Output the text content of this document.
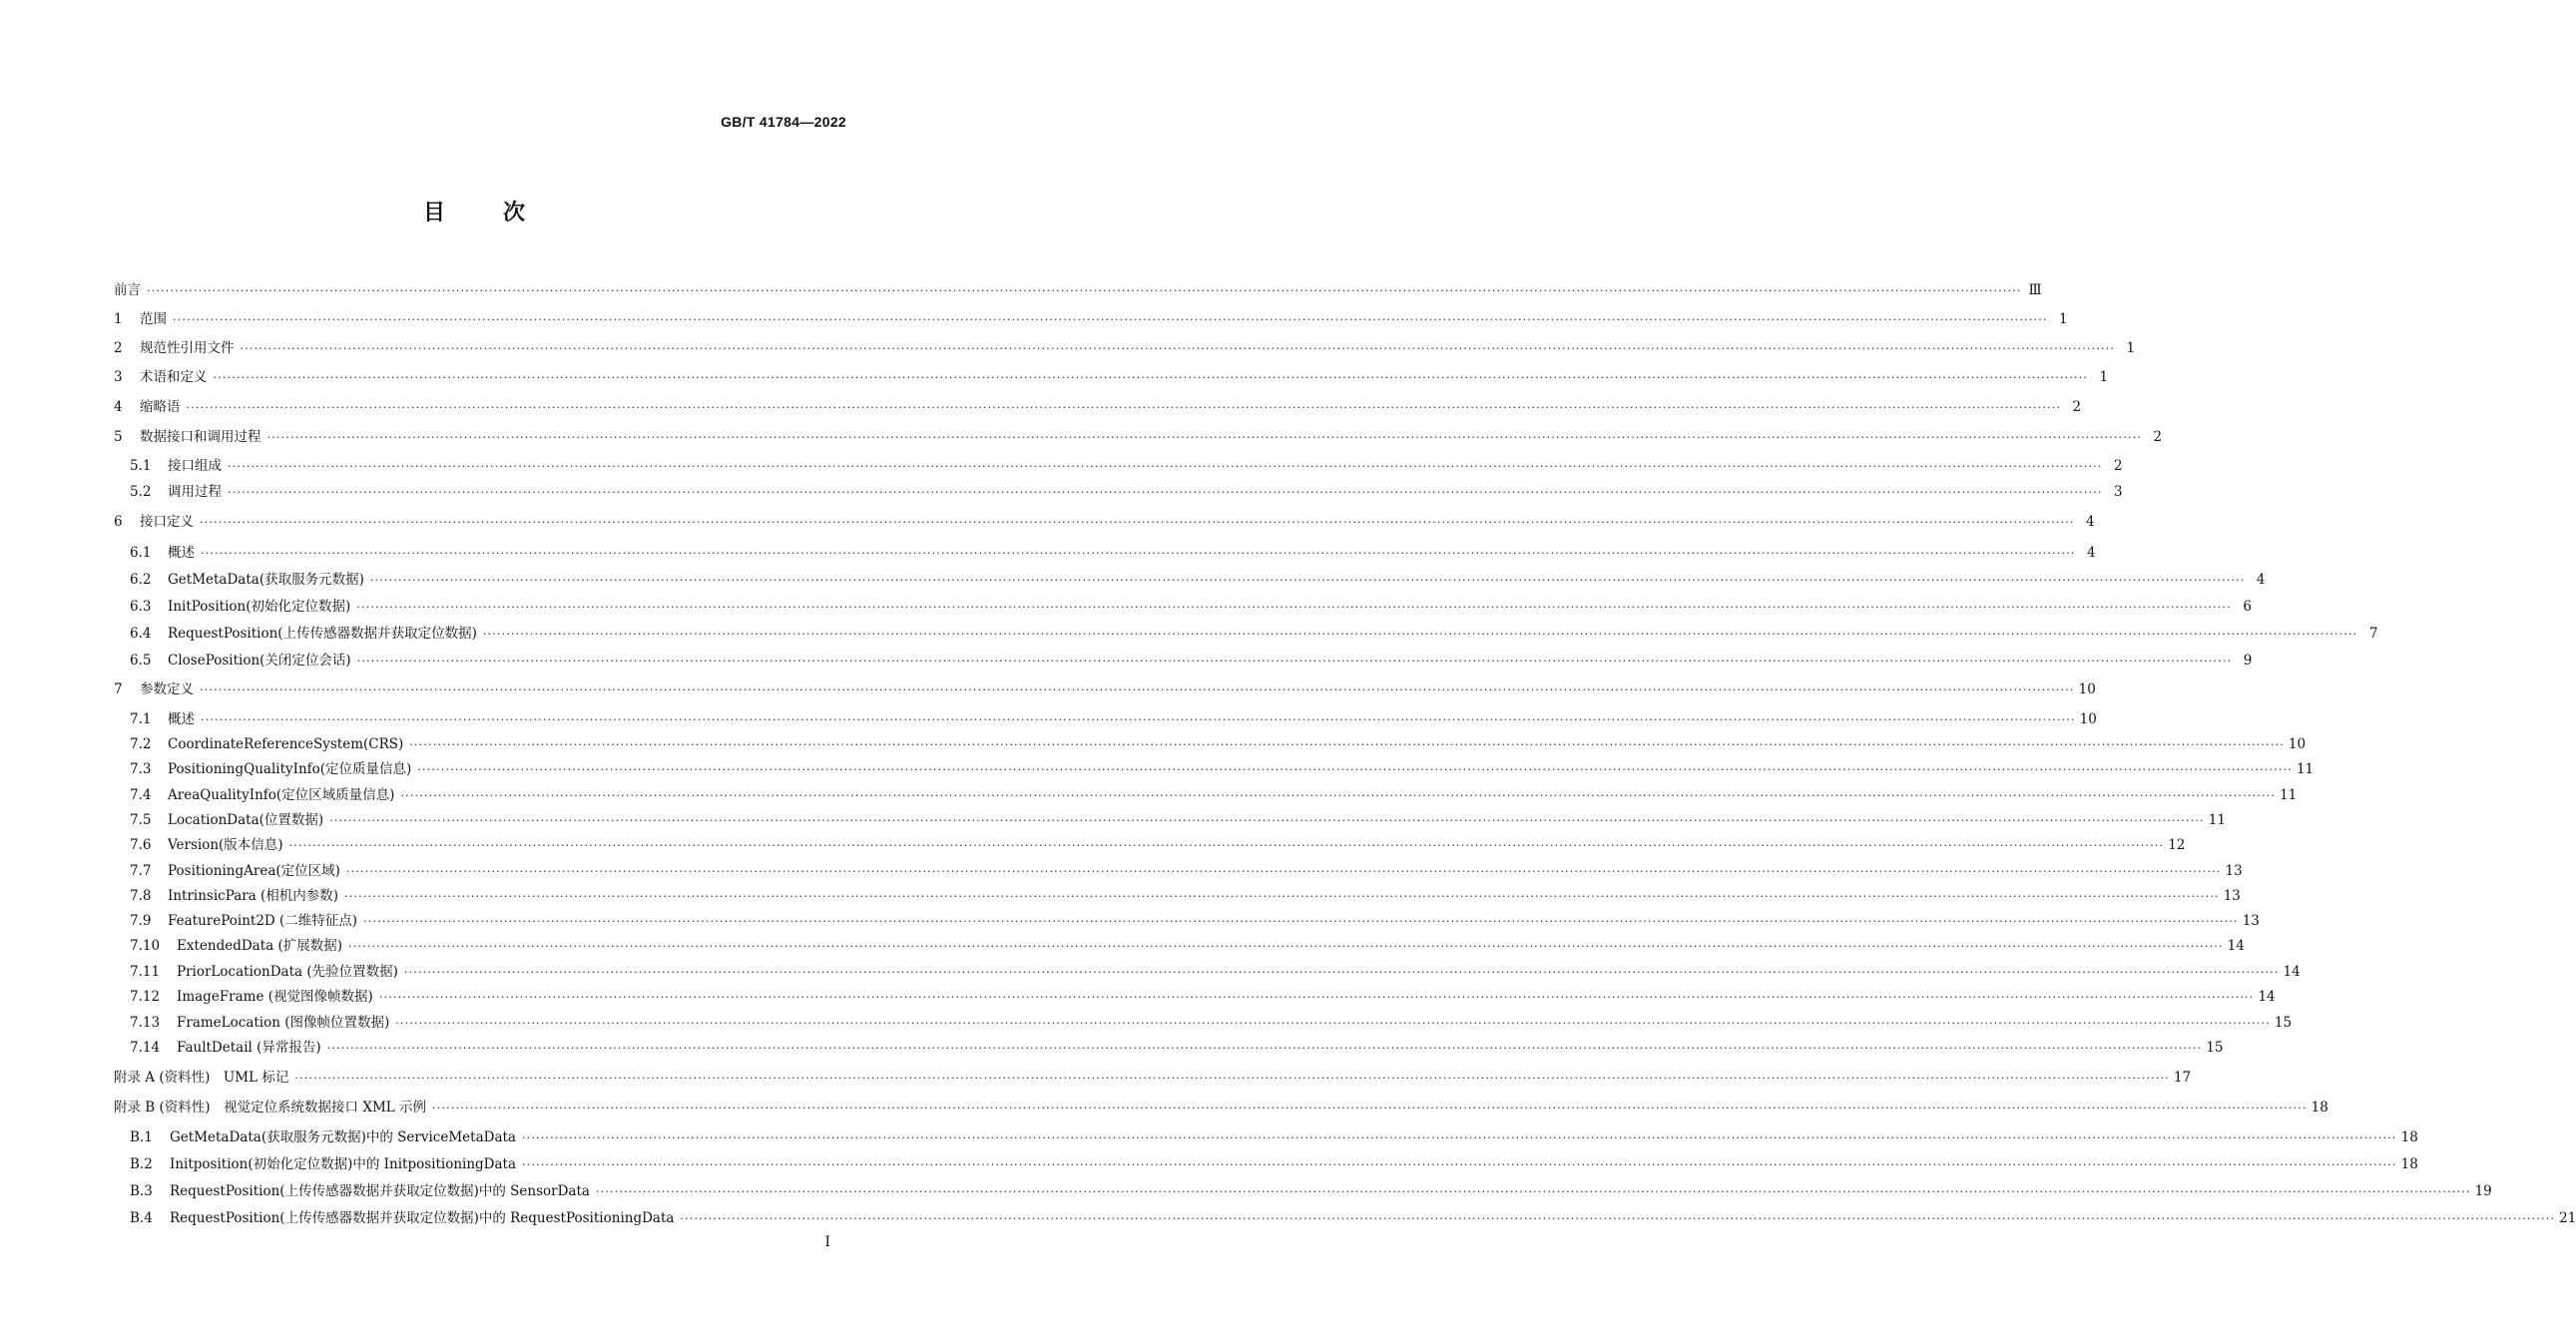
GB/T 41784—2022
目次
前言 ················································································································································································································································································································································································································ Ⅲ
1	范围 ················································································································································································································································································································································································································ 1
2	规范性引用文件 ················································································································································································································································································································································································································ 1
3	术语和定义 ················································································································································································································································································································································································································ 1
4	缩略语 ················································································································································································································································································································································································································ 2
5	数据接口和调用过程 ················································································································································································································································································································································································································ 2
5.1	接口组成 ················································································································································································································································································································································································································ 2
5.2	调用过程 ················································································································································································································································································································································································································ 3
6	接口定义 ················································································································································································································································································································································································································ 4
6.1	概述 ················································································································································································································································································································································································································ 4
6.2	GetMetaData(获取服务元数据) ················································································································································································································································································································································································································ 4
6.3	InitPosition(初始化定位数据) ················································································································································································································································································································································································································ 6
6.4	RequestPosition(上传传感器数据并获取定位数据) ················································································································································································································································································································································································································ 7
6.5	ClosePosition(关闭定位会话) ················································································································································································································································································································································································································ 9
7	参数定义 ················································································································································································································································································································································································································ 10
7.1	概述 ················································································································································································································································································································································································································ 10
7.2	CoordinateReferenceSystem(CRS) ················································································································································································································································································································································································································ 10
7.3	PositioningQualityInfo(定位质量信息) ················································································································································································································································································································································································································ 11
7.4	AreaQualityInfo(定位区域质量信息) ················································································································································································································································································································································································································ 11
7.5	LocationData(位置数据) ················································································································································································································································································································································································································ 11
7.6	Version(版本信息) ················································································································································································································································································································································································································ 12
7.7	PositioningArea(定位区域) ················································································································································································································································································································································································································ 13
7.8	IntrinsicPara (相机内参数) ················································································································································································································································································································································································································ 13
7.9	FeaturePoint2D (二维特征点) ················································································································································································································································································································································································································ 13
7.10	ExtendedData (扩展数据) ················································································································································································································································································································································································································ 14
7.11	PriorLocationData (先验位置数据) ················································································································································································································································································································································································································ 14
7.12	ImageFrame (视觉图像帧数据) ················································································································································································································································································································································································································ 14
7.13	FrameLocation (图像帧位置数据) ················································································································································································································································································································································································································ 15
7.14	FaultDetail (异常报告) ················································································································································································································································································································································································································ 15
附录 A (资料性)　UML 标记 ················································································································································································································································································································································································································ 17
附录 B (资料性)　视觉定位系统数据接口 XML 示例 ················································································································································································································································································································································································································ 18
B.1	GetMetaData(获取服务元数据)中的 ServiceMetaData ················································································································································································································································································································································································································ 18
B.2	Initposition(初始化定位数据)中的 InitpositioningData ················································································································································································································································································································································································································ 18
B.3	RequestPosition(上传传感器数据并获取定位数据)中的 SensorData ················································································································································································································································································································································································································ 19
B.4	RequestPosition(上传传感器数据并获取定位数据)中的 RequestPositioningData ················································································································································································································································································································································································································ 21
I
